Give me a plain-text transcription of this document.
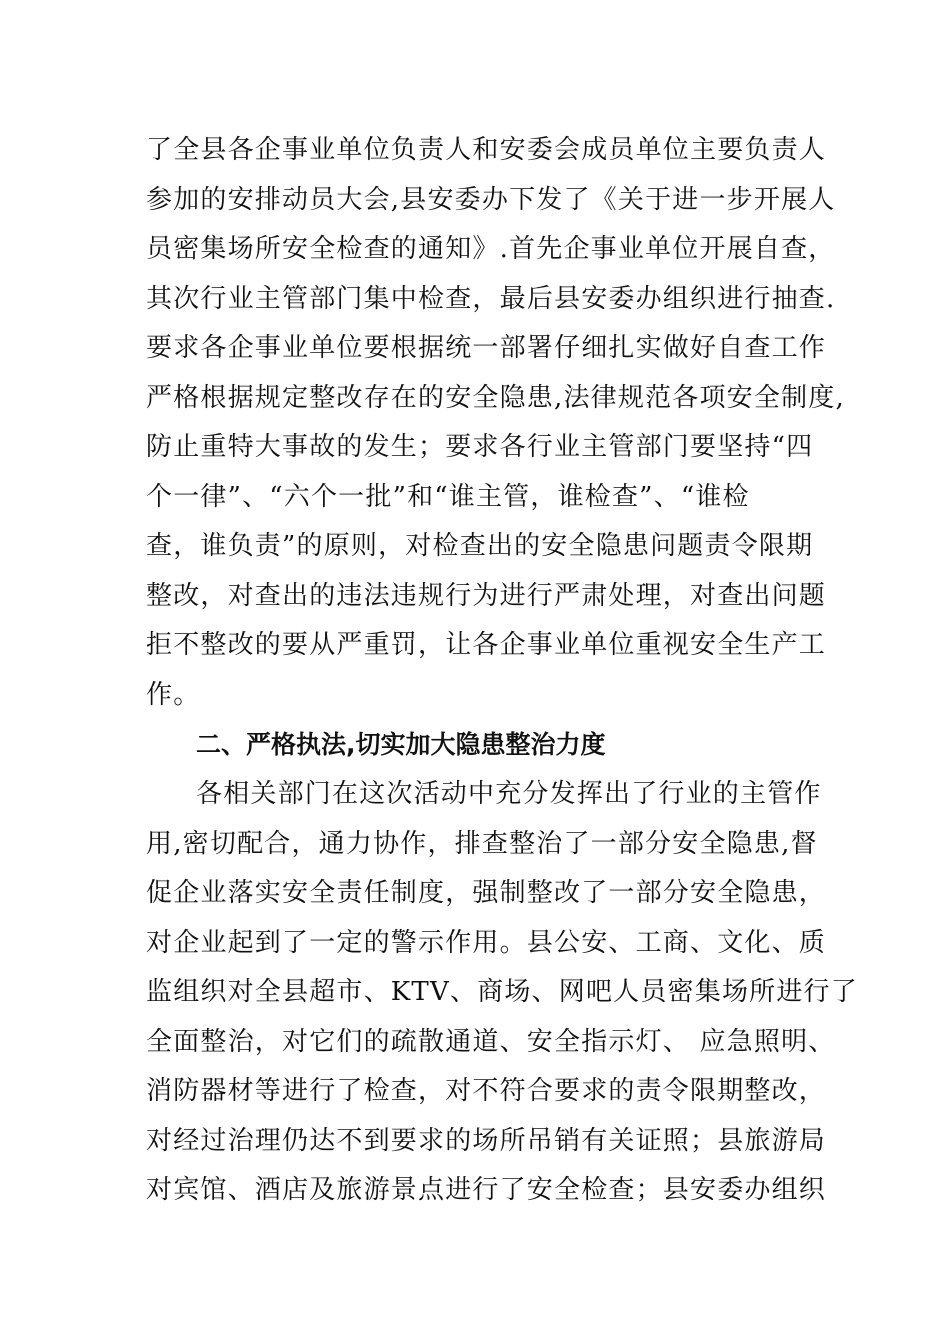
了全县各企事业单位负责人和安委会成员单位主要负责人
参加的安排动员大会,县安委办下发了《关于进一步开展人
员密集场所安全检查的通知》.首先企事业单位开展自查，
其次行业主管部门集中检查，最后县安委办组织进行抽查.
要求各企事业单位要根据统一部署仔细扎实做好自查工作
严格根据规定整改存在的安全隐患,法律规范各项安全制度,
防止重特大事故的发生；要求各行业主管部门要坚持“四
个一律”、“六个一批”和“谁主管，谁检查”、“谁检
查，谁负责”的原则，对检查出的安全隐患问题责令限期
整改，对查出的违法违规行为进行严肃处理，对查出问题
拒不整改的要从严重罚，让各企事业单位重视安全生产工
作。
二、严格执法,切实加大隐患整治力度
各相关部门在这次活动中充分发挥出了行业的主管作
用,密切配合，通力协作，排查整治了一部分安全隐患,督
促企业落实安全责任制度，强制整改了一部分安全隐患，
对企业起到了一定的警示作用。县公安、工商、文化、质
监组织对全县超市、KTV、商场、网吧人员密集场所进行了
全面整治，对它们的疏散通道、安全指示灯、 应急照明、
消防器材等进行了检查，对不符合要求的责令限期整改，
对经过治理仍达不到要求的场所吊销有关证照；县旅游局
对宾馆、酒店及旅游景点进行了安全检查；县安委办组织
